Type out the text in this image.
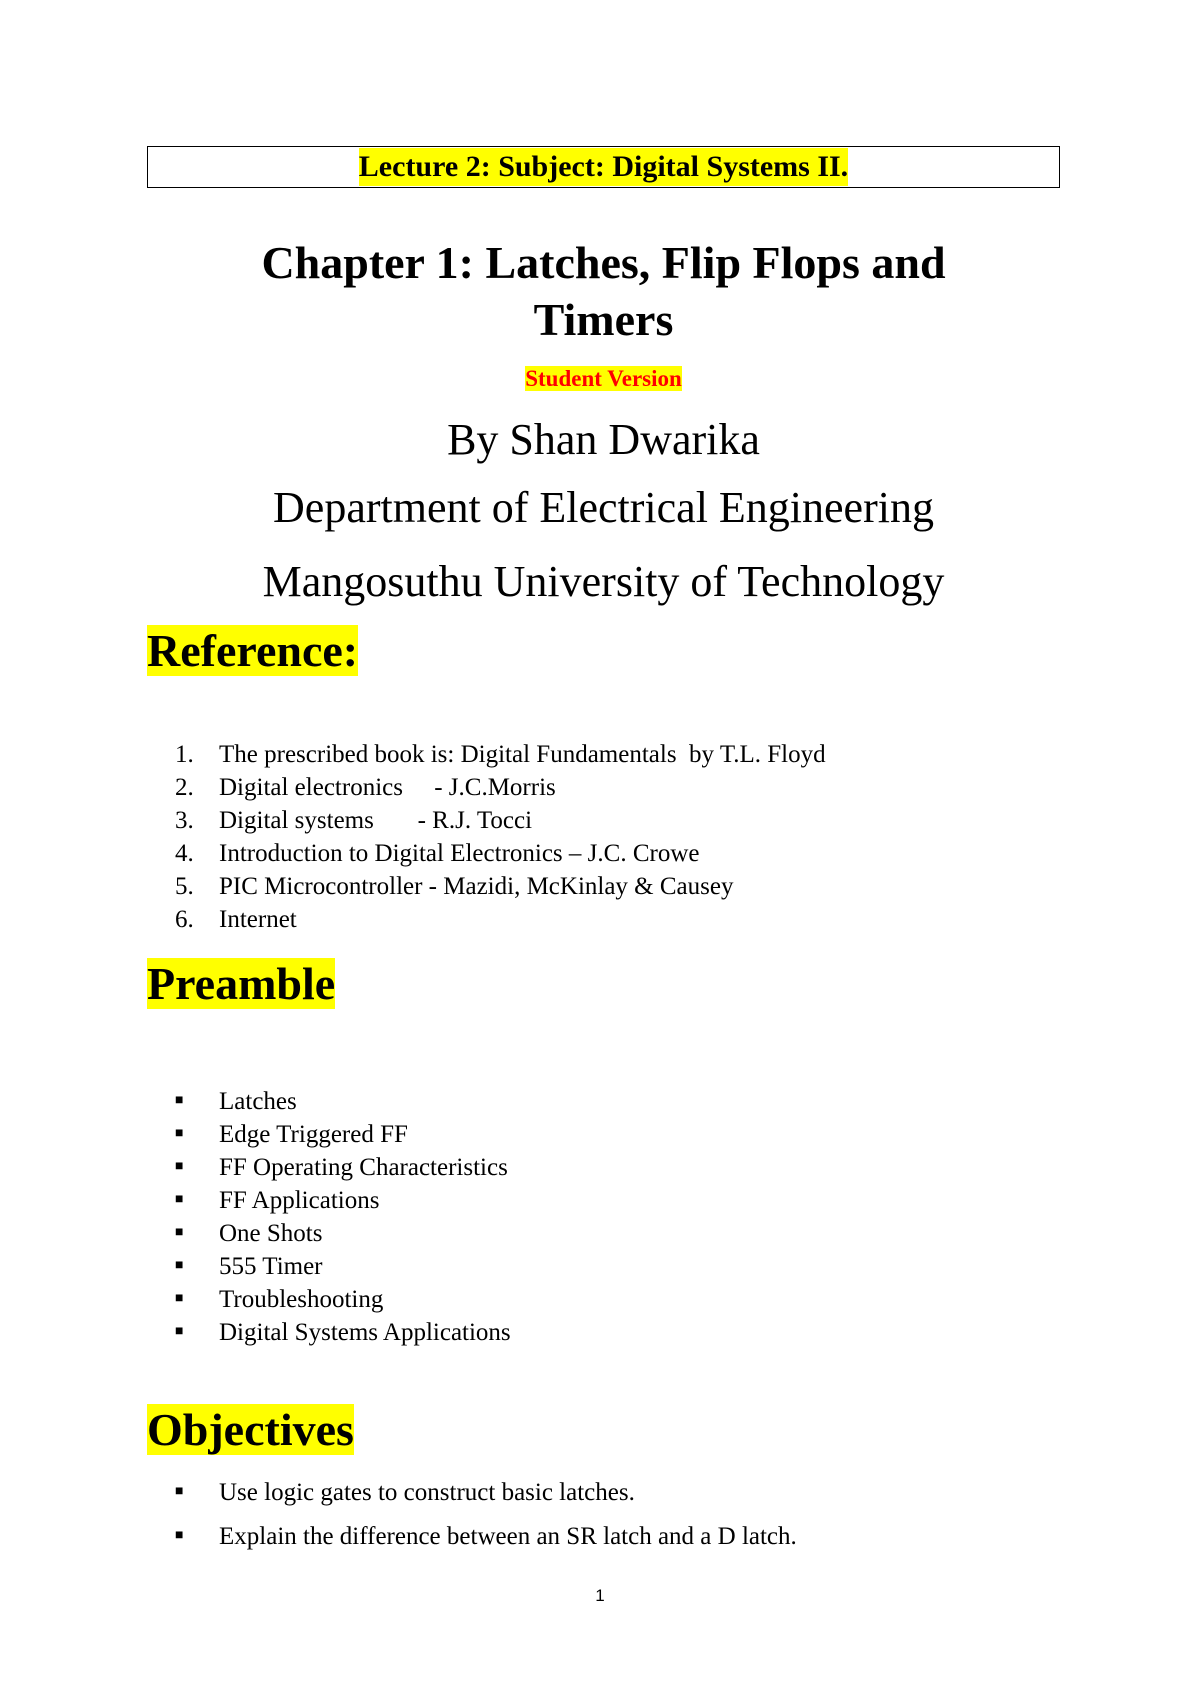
Lecture 2: Subject: Digital Systems II.
Chapter 1: Latches, Flip Flops and
Timers
Student Version
By Shan Dwarika
Department of Electrical Engineering
Mangosuthu University of Technology
Reference:
1.	The prescribed book is: Digital Fundamentals  by T.L. Floyd
2.	Digital electronics     - J.C.Morris
3.	Digital systems       - R.J. Tocci
4.	Introduction to Digital Electronics – J.C. Crowe
5.	PIC Microcontroller - Mazidi, McKinlay & Causey
6.	Internet
Preamble
■	Latches
■	Edge Triggered FF
■	FF Operating Characteristics
■	FF Applications
■	One Shots
■	555 Timer
■	Troubleshooting
■	Digital Systems Applications
Objectives
■	Use logic gates to construct basic latches.
■	Explain the difference between an SR latch and a D latch.
1
